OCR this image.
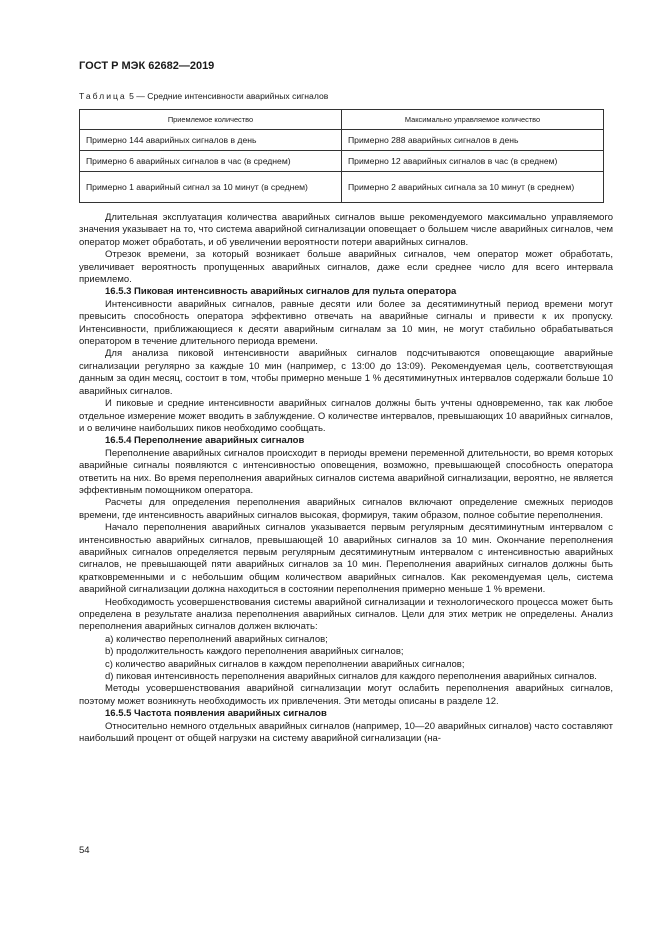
ГОСТ Р МЭК 62682—2019
Таблица 5 — Средние интенсивности аварийных сигналов
Приемлемое количество	Максимально управляемое количество
Примерно 144 аварийных сигналов в день	Примерно 288 аварийных сигналов в день
Примерно 6 аварийных сигналов в час (в среднем)	Примерно 12 аварийных сигналов в час (в среднем)
Примерно 1 аварийный сигнал за 10 минут (в среднем)	Примерно 2 аварийных сигнала за 10 минут (в среднем)

Длительная эксплуатация количества аварийных сигналов выше рекомендуемого максимально управляемого значения указывает на то, что система аварийной сигнализации оповещает о большем числе аварийных сигналов, чем оператор может обработать, и об увеличении вероятности потери аварийных сигналов.

Отрезок времени, за который возникает больше аварийных сигналов, чем оператор может обработать, увеличивает вероятность пропущенных аварийных сигналов, даже если среднее число для всего интервала приемлемо.

16.5.3 Пиковая интенсивность аварийных сигналов для пульта оператора

Интенсивности аварийных сигналов, равные десяти или более за десятиминутный период времени могут превысить способность оператора эффективно отвечать на аварийные сигналы и привести к их пропуску. Интенсивности, приближающиеся к десяти аварийным сигналам за 10 мин, не могут стабильно обрабатываться оператором в течение длительного периода времени.

Для анализа пиковой интенсивности аварийных сигналов подсчитываются оповещающие аварийные сигнализации регулярно за каждые 10 мин (например, с 13:00 до 13:09). Рекомендуемая цель, соответствующая данным за один месяц, состоит в том, чтобы примерно меньше 1 % десятиминутных интервалов содержали больше 10 аварийных сигналов.

И пиковые и средние интенсивности аварийных сигналов должны быть учтены одновременно, так как любое отдельное измерение может вводить в заблуждение. О количестве интервалов, превышающих 10 аварийных сигналов, и о величине наибольших пиков необходимо сообщать.

16.5.4 Переполнение аварийных сигналов

Переполнение аварийных сигналов происходит в периоды времени переменной длительности, во время которых аварийные сигналы появляются с интенсивностью оповещения, возможно, превышающей способность оператора ответить на них. Во время переполнения аварийных сигналов система аварийной сигнализации, вероятно, не является эффективным помощником оператора.

Расчеты для определения переполнения аварийных сигналов включают определение смежных периодов времени, где интенсивность аварийных сигналов высокая, формируя, таким образом, полное событие переполнения.

Начало переполнения аварийных сигналов указывается первым регулярным десятиминутным интервалом с интенсивностью аварийных сигналов, превышающей 10 аварийных сигналов за 10 мин. Окончание переполнения аварийных сигналов определяется первым регулярным десятиминутным интервалом с интенсивностью аварийных сигналов, не превышающей пяти аварийных сигналов за 10 мин. Переполнения аварийных сигналов должны быть кратковременными и с небольшим общим количеством аварийных сигналов. Как рекомендуемая цель, система аварийной сигнализации должна находиться в состоянии переполнения примерно меньше 1 % времени.

Необходимость усовершенствования системы аварийной сигнализации и технологического процесса может быть определена в результате анализа переполнения аварийных сигналов. Цели для этих метрик не определены. Анализ переполнения аварийных сигналов должен включать:

a) количество переполнений аварийных сигналов;

b) продолжительность каждого переполнения аварийных сигналов;

c) количество аварийных сигналов в каждом переполнении аварийных сигналов;

d) пиковая интенсивность переполнения аварийных сигналов для каждого переполнения аварийных сигналов.

Методы усовершенствования аварийной сигнализации могут ослабить переполнения аварийных сигналов, поэтому может возникнуть необходимость их привлечения. Эти методы описаны в разделе 12.

16.5.5 Частота появления аварийных сигналов

Относительно немного отдельных аварийных сигналов (например, 10—20 аварийных сигналов) часто составляют наибольший процент от общей нагрузки на систему аварийной сигнализации (на-

54
